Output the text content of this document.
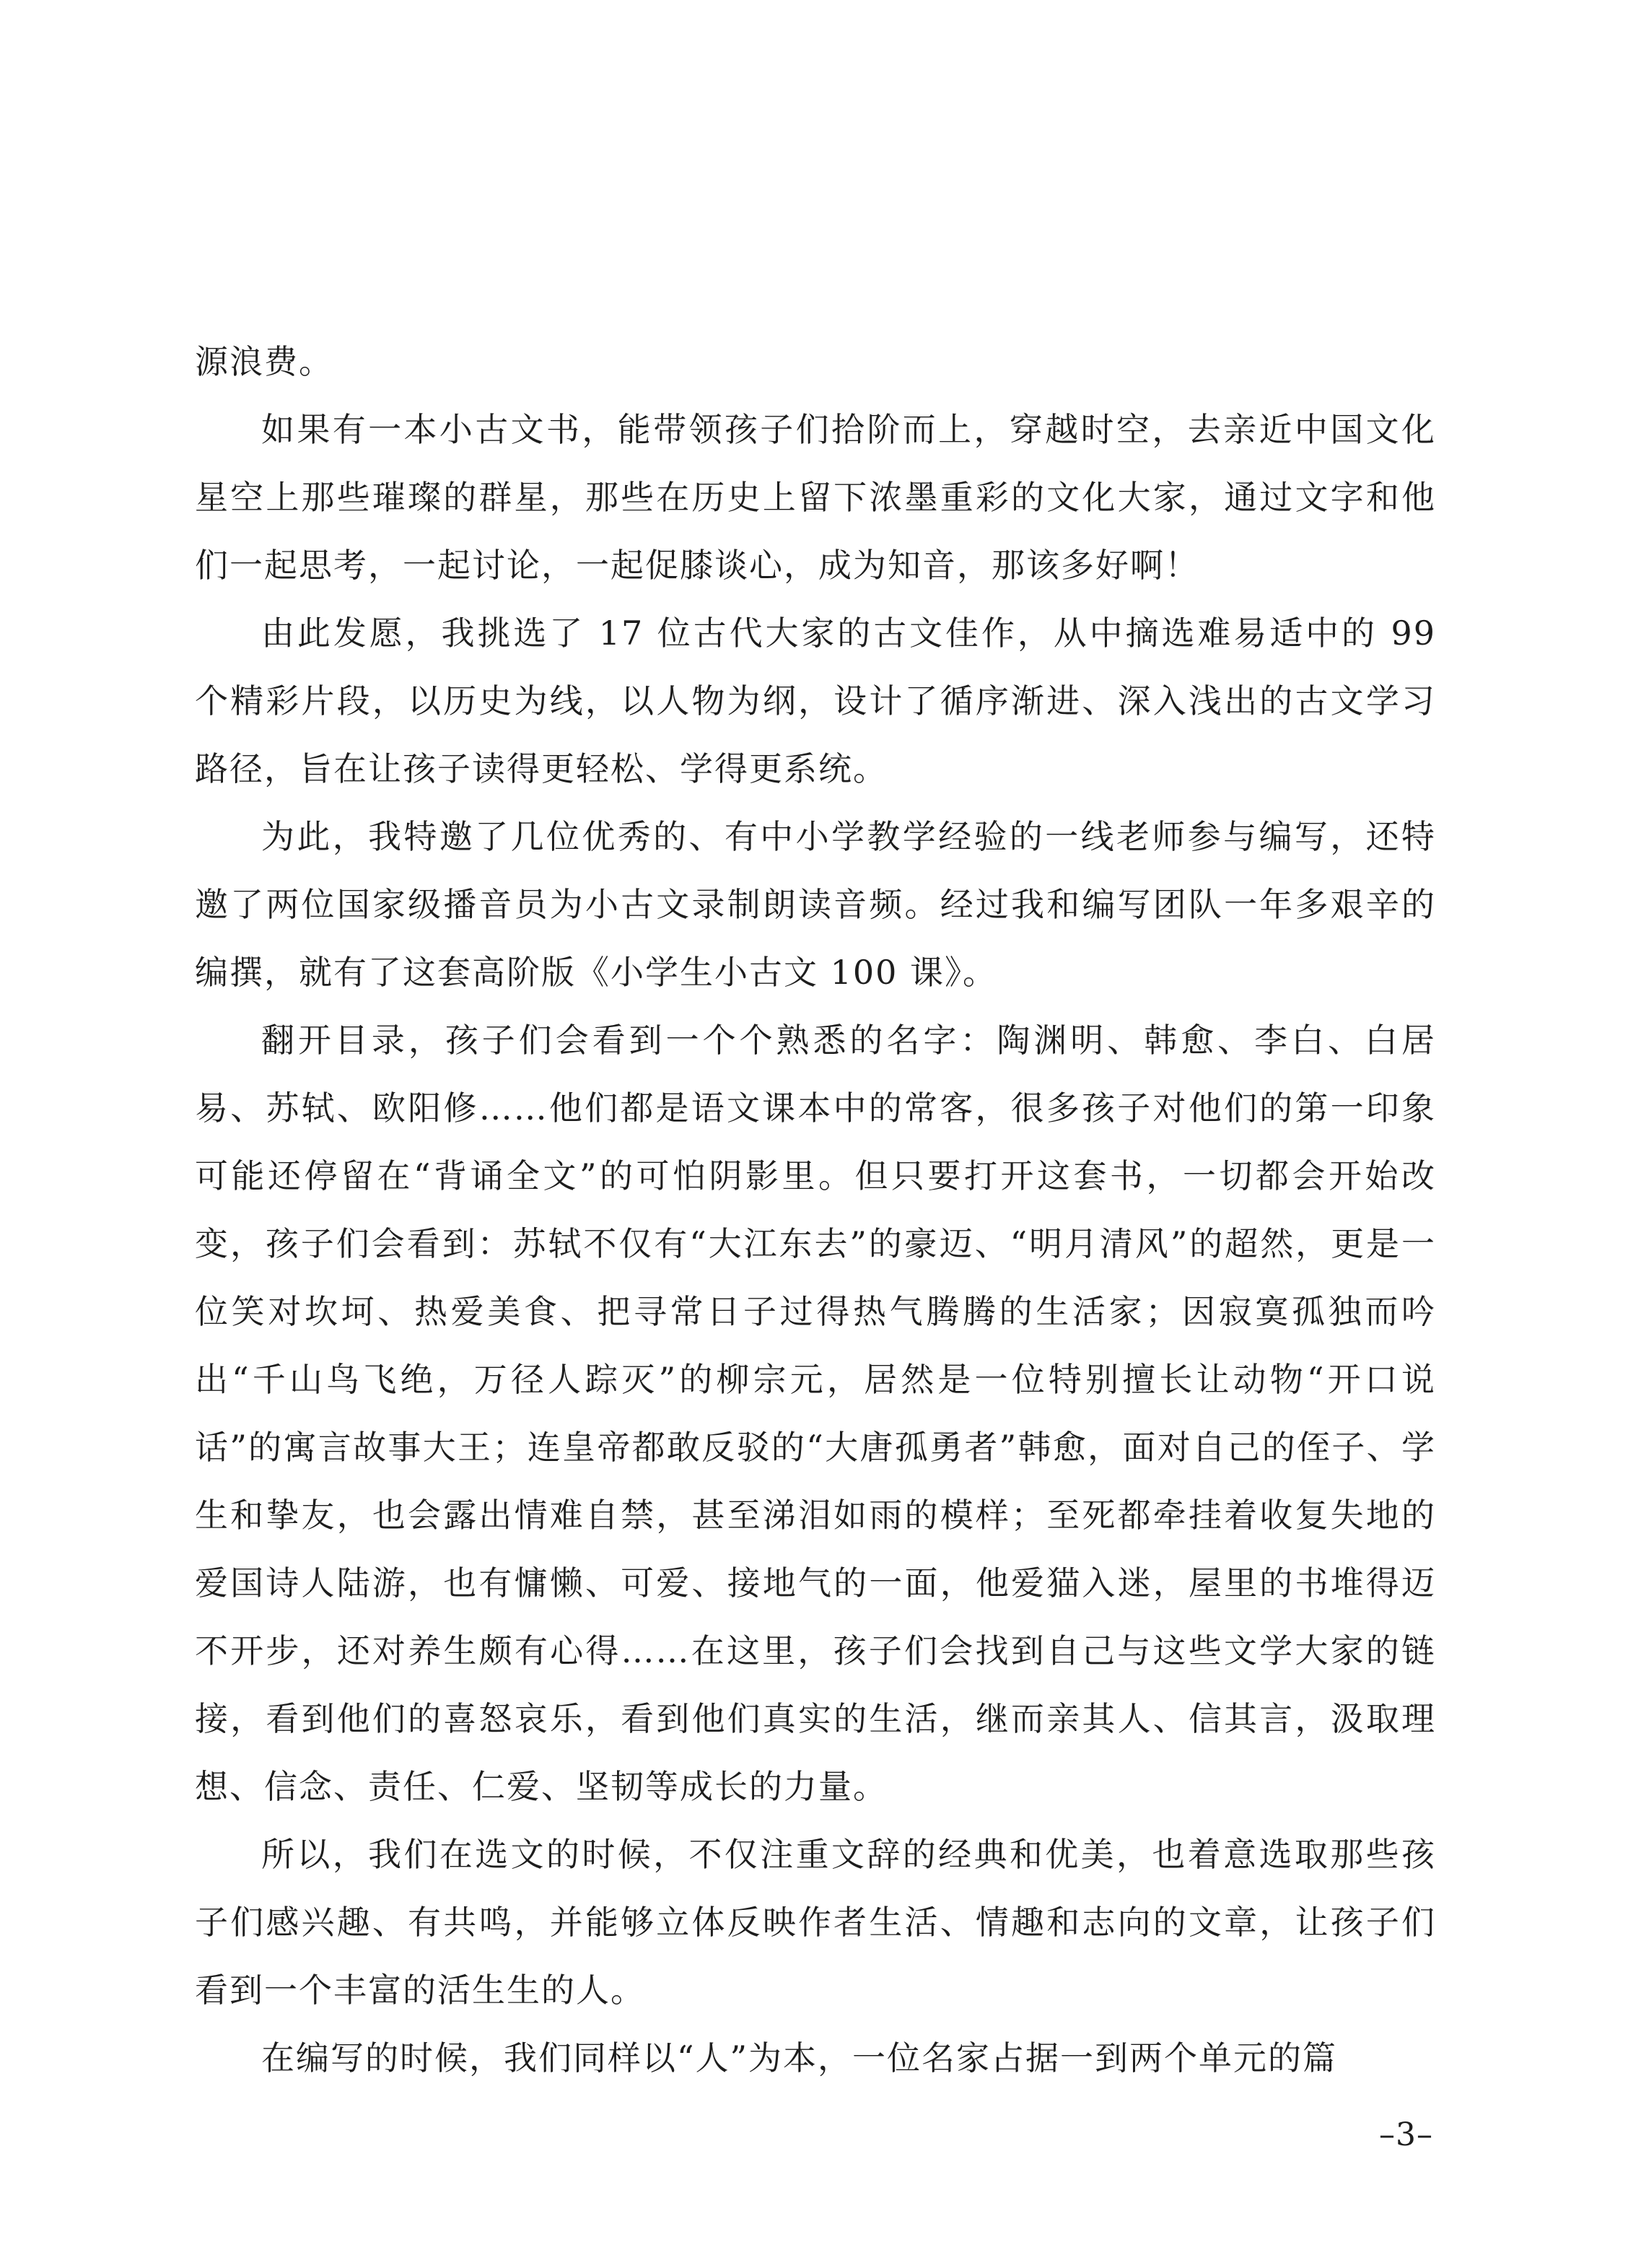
源浪费。

如果有一本小古文书，能带领孩子们拾阶而上，穿越时空，去亲近中国文化星空上那些璀璨的群星，那些在历史上留下浓墨重彩的文化大家，通过文字和他们一起思考，一起讨论，一起促膝谈心，成为知音，那该多好啊！

由此发愿，我挑选了 17 位古代大家的古文佳作，从中摘选难易适中的 99 个精彩片段，以历史为线，以人物为纲，设计了循序渐进、深入浅出的古文学习路径，旨在让孩子读得更轻松、学得更系统。

为此，我特邀了几位优秀的、有中小学教学经验的一线老师参与编写，还特邀了两位国家级播音员为小古文录制朗读音频。经过我和编写团队一年多艰辛的编撰，就有了这套高阶版《小学生小古文 100 课》。

翻开目录，孩子们会看到一个个熟悉的名字：陶渊明、韩愈、李白、白居易、苏轼、欧阳修……他们都是语文课本中的常客，很多孩子对他们的第一印象可能还停留在“背诵全文”的可怕阴影里。但只要打开这套书，一切都会开始改变，孩子们会看到：苏轼不仅有“大江东去”的豪迈、“明月清风”的超然，更是一位笑对坎坷、热爱美食、把寻常日子过得热气腾腾的生活家；因寂寞孤独而吟出“千山鸟飞绝，万径人踪灭”的柳宗元，居然是一位特别擅长让动物“开口说话”的寓言故事大王；连皇帝都敢反驳的“大唐孤勇者”韩愈，面对自己的侄子、学生和挚友，也会露出情难自禁，甚至涕泪如雨的模样；至死都牵挂着收复失地的爱国诗人陆游，也有慵懒、可爱、接地气的一面，他爱猫入迷，屋里的书堆得迈不开步，还对养生颇有心得……在这里，孩子们会找到自己与这些文学大家的链接，看到他们的喜怒哀乐，看到他们真实的生活，继而亲其人、信其言，汲取理想、信念、责任、仁爱、坚韧等成长的力量。

所以，我们在选文的时候，不仅注重文辞的经典和优美，也着意选取那些孩子们感兴趣、有共鸣，并能够立体反映作者生活、情趣和志向的文章，让孩子们看到一个丰富的活生生的人。

在编写的时候，我们同样以“人”为本，一位名家占据一到两个单元的篇

–3–
